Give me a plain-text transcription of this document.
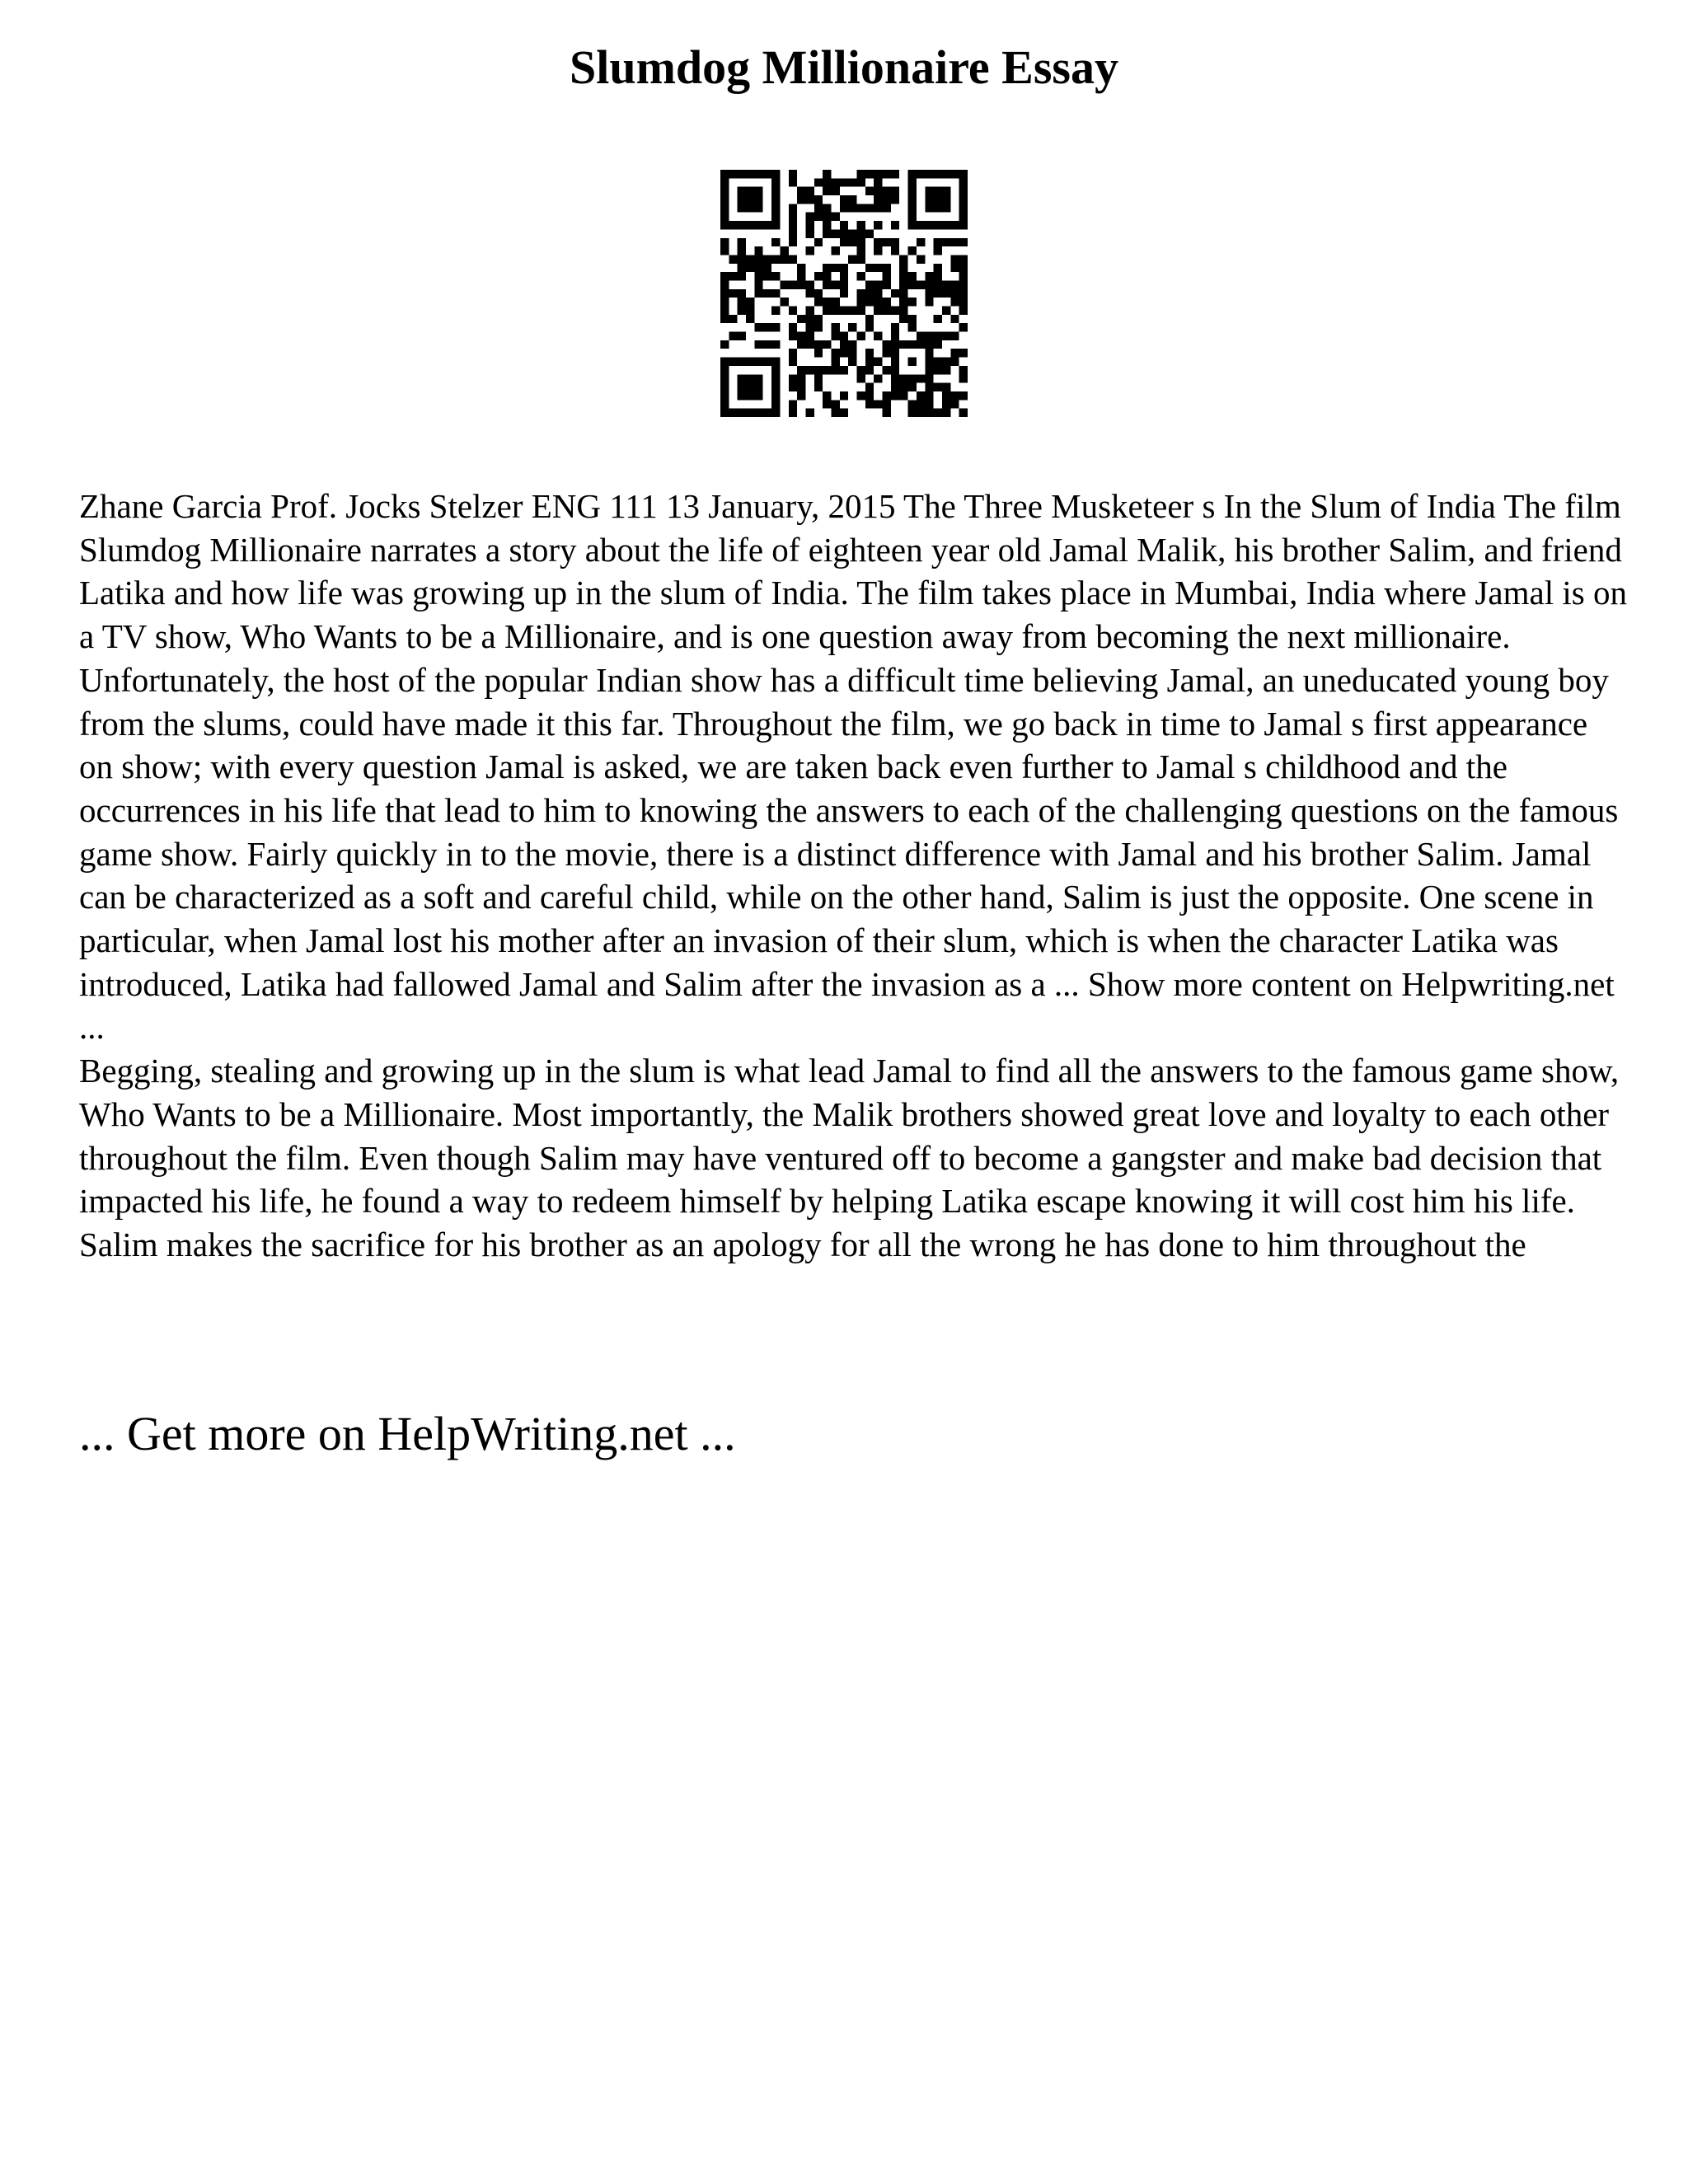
Slumdog Millionaire Essay

Zhane Garcia Prof. Jocks Stelzer ENG 111 13 January, 2015 The Three Musketeer s In the Slum of India The film Slumdog Millionaire narrates a story about the life of eighteen year old Jamal Malik, his brother Salim, and friend Latika and how life was growing up in the slum of India. The film takes place in Mumbai, India where Jamal is on a TV show, Who Wants to be a Millionaire, and is one question away from becoming the next millionaire. Unfortunately, the host of the popular Indian show has a difficult time believing Jamal, an uneducated young boy from the slums, could have made it this far. Throughout the film, we go back in time to Jamal s first appearance on show; with every question Jamal is asked, we are taken back even further to Jamal s childhood and the occurrences in his life that lead to him to knowing the answers to each of the challenging questions on the famous game show. Fairly quickly in to the movie, there is a distinct difference with Jamal and his brother Salim. Jamal can be characterized as a soft and careful child, while on the other hand, Salim is just the opposite. One scene in particular, when Jamal lost his mother after an invasion of their slum, which is when the character Latika was introduced, Latika had fallowed Jamal and Salim after the invasion as a ... Show more content on Helpwriting.net ...

Begging, stealing and growing up in the slum is what lead Jamal to find all the answers to the famous game show, Who Wants to be a Millionaire. Most importantly, the Malik brothers showed great love and loyalty to each other throughout the film. Even though Salim may have ventured off to become a gangster and make bad decision that impacted his life, he found a way to redeem himself by helping Latika escape knowing it will cost him his life. Salim makes the sacrifice for his brother as an apology for all the wrong he has done to him throughout the

... Get more on HelpWriting.net ...
